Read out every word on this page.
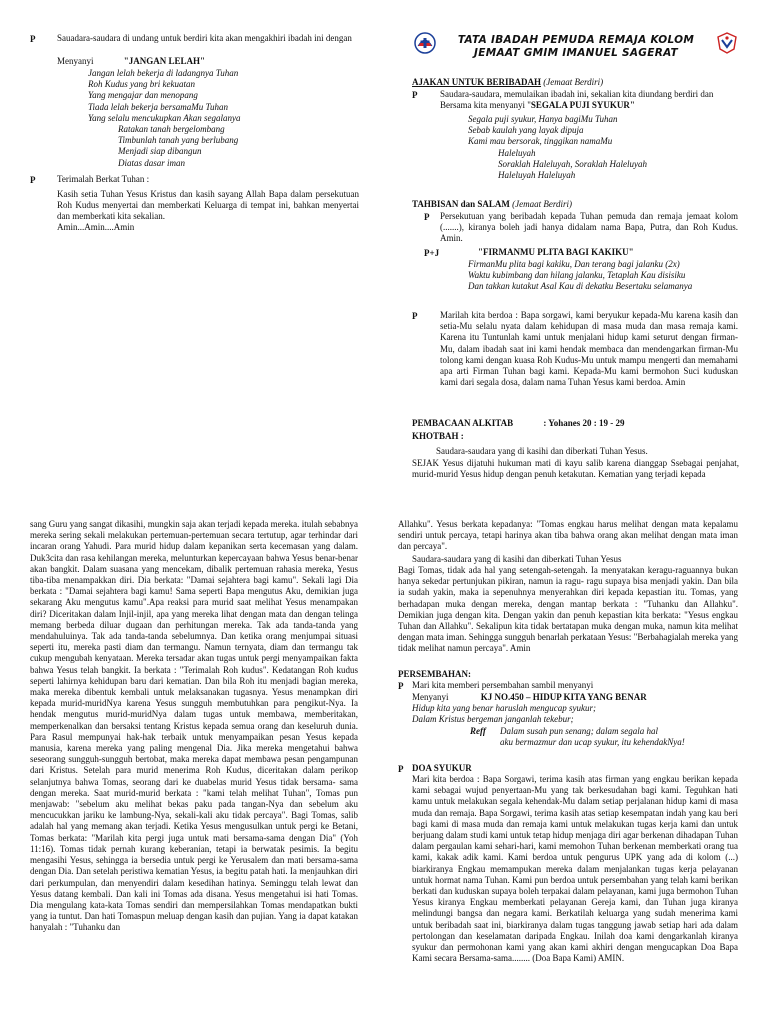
P Sauadara-saudara di undang untuk berdiri kita akan mengakhiri ibadah ini dengan
Menyanyi	"JANGAN LELAH"
Jangan lelah bekerja di ladangnya Tuhan
Roh Kudus yang bri kekuatan
Yang mengajar dan menopang
Tiada lelah bekerja bersamaMu Tuhan
Yang selalu mencukupkan Akan segalanya
Ratakan tanah bergelombang
Timbunlah tanah yang berlubang
Menjadi siap dibangun
Diatas dasar iman
P Terimalah Berkat Tuhan :
Kasih setia Tuhan Yesus Kristus dan kasih sayang Allah Bapa dalam persekutuan Roh Kudus menyertai dan memberkati Keluarga di tempat ini, bahkan menyertai dan memberkati kita sekalian.
Amin...Amin....Amin
TATA IBADAH PEMUDA REMAJA KOLOM
JEMAAT GMIM IMANUEL SAGERAT
AJAKAN UNTUK BERIBADAH (Jemaat Berdiri)
P	Saudara-saudara, memulaikan ibadah ini, sekalian kita diundang berdiri dan
Bersama kita menyanyi "SEGALA PUJI SYUKUR"
Segala puji syukur, Hanya bagiMu Tuhan
Sebab kaulah yang layak dipuja
Kami mau bersorak, tinggikan namaMu
Haleluyah
Soraklah Haleluyah, Soraklah Haleluyah
Haleluyah Haleluyah
TAHBISAN dan SALAM (Jemaat Berdiri)
P Persekutuan yang beribadah kepada Tuhan pemuda dan remaja jemaat kolom (.......), kiranya boleh jadi hanya didalam nama Bapa, Putra, dan Roh Kudus. Amin.
P+J	"FIRMANMU PLITA BAGI KAKIKU"
FirmanMu plita bagi kakiku, Dan terang bagi jalanku (2x)
Waktu kubimbang dan hilang jalanku, Tetaplah Kau disisiku
Dan takkan kutakut Asal Kau di dekatku Besertaku selamanya
P	Marilah kita berdoa : Bapa sorgawi, kami beryukur kepada-Mu karena kasih dan setia-Mu selalu nyata dalam kehidupan di masa muda dan masa remaja kami. Karena itu Tuntunlah kami untuk menjalani hidup kami seturut dengan firman-Mu, dalam ibadah saat ini kami hendak membaca dan mendengarkan firman-Mu tolong kami dengan kuasa Roh Kudus-Mu untuk mampu mengerti dan memahami apa arti Firman Tuhan bagi kami. Kepada-Mu kami bermohon Suci kuduskan kami dari segala dosa, dalam nama Tuhan Yesus kami berdoa. Amin
PEMBACAAN ALKITAB	: Yohanes 20 : 19 - 29
KHOTBAH :
Saudara-saudara yang di kasihi dan diberkati Tuhan Yesus.
SEJAK Yesus dijatuhi hukuman mati di kayu salib karena dianggap Ssebagai penjahat, murid-murid Yesus hidup dengan penuh ketakutan. Kematian yang terjadi kepada
sang Guru yang sangat dikasihi, mungkin saja akan terjadi kepada mereka. itulah sebabnya mereka sering sekali melakukan pertemuan-pertemuan secara tertutup, agar terhindar dari incaran orang Yahudi. Para murid hidup dalam kepanikan serta kecemasan yang dalam. Duk3cita dan rasa kehilangan mereka, melunturkan kepercayaan bahwa Yesus benar-benar akan bangkit. Dalam suasana yang mencekam, dibalik pertemuan rahasia mereka, Yesus tiba-tiba menampakkan diri. Dia berkata: "Damai sejahtera bagi kamu". Sekali lagi Dia berkata : "Damai sejahtera bagi kamu! Sama seperti Bapa mengutus Aku, demikian juga sekarang Aku mengutus kamu".Apa reaksi para murid saat melihat Yesus menampakan diri? Diceritakan dalam Injil-injil, apa yang mereka lihat dengan mata dan dengan telinga memang berbeda diluar dugaan dan perhitungan mereka. Tak ada tanda-tanda yang mendahuluinya. Tak ada tanda-tanda sebelumnya. Dan ketika orang menjumpai situasi seperti itu, mereka pasti diam dan termangu. Namun ternyata, diam dan termangu tak cukup mengubah kenyataan. Mereka tersadar akan tugas untuk pergi menyampaikan fakta bahwa Yesus telah bangkit. Ia berkata : "Terimalah Roh kudus". Kedatangan Roh kudus seperti lahirnya kehidupan baru dari kematian. Dan bila Roh itu menjadi bagian mereka, maka mereka dibentuk kembali untuk melaksanakan tugasnya. Yesus menampkan diri kepada murid-muridNya karena Yesus sungguh membutuhkan para pengikut-Nya. Ia hendak mengutus murid-muridNya dalam tugas untuk membawa, memberitakan, memperkenalkan dan bersaksi tentang Kristus kepada semua orang dan keseluruh dunia. Para Rasul mempunyai hak-hak terbaik untuk menyampaikan pesan Yesus kepada manusia, karena mereka yang paling mengenal Dia. Jika mereka mengetahui bahwa seseorang sungguh-sungguh bertobat, maka mereka dapat membawa pesan pengampunan dari Kristus. Setelah para murid menerima Roh Kudus, diceritakan dalam perikop selanjutnya bahwa Tomas, seorang dari ke duabelas murid Yesus tidak bersama- sama dengan mereka. Saat murid-murid berkata : "kami telah melihat Tuhan", Tomas pun menjawab: "sebelum aku melihat bekas paku pada tangan-Nya dan sebelum aku mencucukkan jariku ke lambung-Nya, sekali-kali aku tidak percaya". Bagi Tomas, salib adalah hal yang memang akan terjadi. Ketika Yesus mengusulkan untuk pergi ke Betani, Tomas berkata: "Marilah kita pergi juga untuk mati bersama-sama dengan Dia" (Yoh 11:16). Tomas tidak pernah kurang keberanian, tetapi ia berwatak pesimis. Ia begitu mengasihi Yesus, sehingga ia bersedia untuk pergi ke Yerusalem dan mati bersama-sama dengan Dia. Dan setelah peristiwa kematian Yesus, ia begitu patah hati. Ia menjauhkan diri dari perkumpulan, dan menyendiri dalam kesedihan hatinya. Seminggu telah lewat dan Yesus datang kembali. Dan kali ini Tomas ada disana. Yesus mengetahui isi hati Tomas. Dia mengulang kata-kata Tomas sendiri dan mempersilahkan Tomas mendapatkan bukti yang ia tuntut. Dan hati Tomaspun meluap dengan kasih dan pujian. Yang ia dapat katakan hanyalah : "Tuhanku dan
Allahku". Yesus berkata kepadanya: "Tomas engkau harus melihat dengan mata kepalamu sendiri untuk percaya, tetapi harinya akan tiba bahwa orang akan melihat dengan mata iman dan percaya".
Saudara-saudara yang di kasihi dan diberkati Tuhan Yesus
Bagi Tomas, tidak ada hal yang setengah-setengah. Ia menyatakan keragu-raguannya bukan hanya sekedar pertunjukan pikiran, namun ia ragu- ragu supaya bisa menjadi yakin. Dan bila ia sudah yakin, maka ia sepenuhnya menyerahkan diri kepada kepastian itu. Tomas, yang berhadapan muka dengan mereka, dengan mantap berkata : "Tuhanku dan Allahku". Demikian juga dengan kita. Dengan yakin dan penuh kepastian kita berkata: "Yesus engkau Tuhan dan Allahku". Sekalipun kita tidak bertatapan muka dengan muka, namun kita melihat dengan mata iman. Sehingga sungguh benarlah perkataan Yesus: "Berbahagialah mereka yang tidak melihat namun percaya". Amin
PERSEMBAHAN:
P Mari kita memberi persembahan sambil menyanyi
Menyanyi	KJ NO.450 – HIDUP KITA YANG BENAR
Hidup kita yang benar haruslah mengucap syukur;
Dalam Kristus bergeman janganlah tekebur;
Reff	Dalam susah pun senang; dalam segala hal
aku bermazmur dan ucap syukur, itu kehendakNya!
P DOA SYUKUR
Mari kita berdoa : Bapa Sorgawi, terima kasih atas firman yang engkau berikan kepada kami sebagai wujud penyertaan-Mu yang tak berkesudahan bagi kami. Teguhkan hati kamu untuk melakukan segala kehendak-Mu dalam setiap perjalanan hidup kami di masa muda dan remaja. Bapa Sorgawi, terima kasih atas setiap kesempatan indah yang kau beri bagi kami di masa muda dan remaja kami untuk melakukan tugas kerja kami dan untuk berjuang dalam studi kami untuk tetap hidup menjaga diri agar berkenan dihadapan Tuhan dalam pergaulan kami sehari-hari, kami memohon Tuhan berkenan memberkati orang tua kami, kakak adik kami. Kami berdoa untuk pengurus UPK yang ada di kolom (...) biarkiranya Engkau memampukan mereka dalam menjalankan tugas kerja pelayanan untuk hormat nama Tuhan. Kami pun berdoa untuk persembahan yang telah kami berikan berkati dan kuduskan supaya boleh terpakai dalam pelayanan, kami juga bermohon Tuhan Yesus kiranya Engkau memberkati pelayanan Gereja kami, dan Tuhan juga kiranya melindungi bangsa dan negara kami. Berkatilah keluarga yang sudah menerima kami untuk beribadah saat ini, biarkiranya dalam tugas tanggung jawab setiap hari ada dalam pertolongan dan keselamatan daripada Engkau. Inilah doa kami dengarkanlah kiranya syukur dan permohonan kami yang akan kami akhiri dengan mengucapkan Doa Bapa Kami secara Bersama-sama........ (Doa Bapa Kami) AMIN.
